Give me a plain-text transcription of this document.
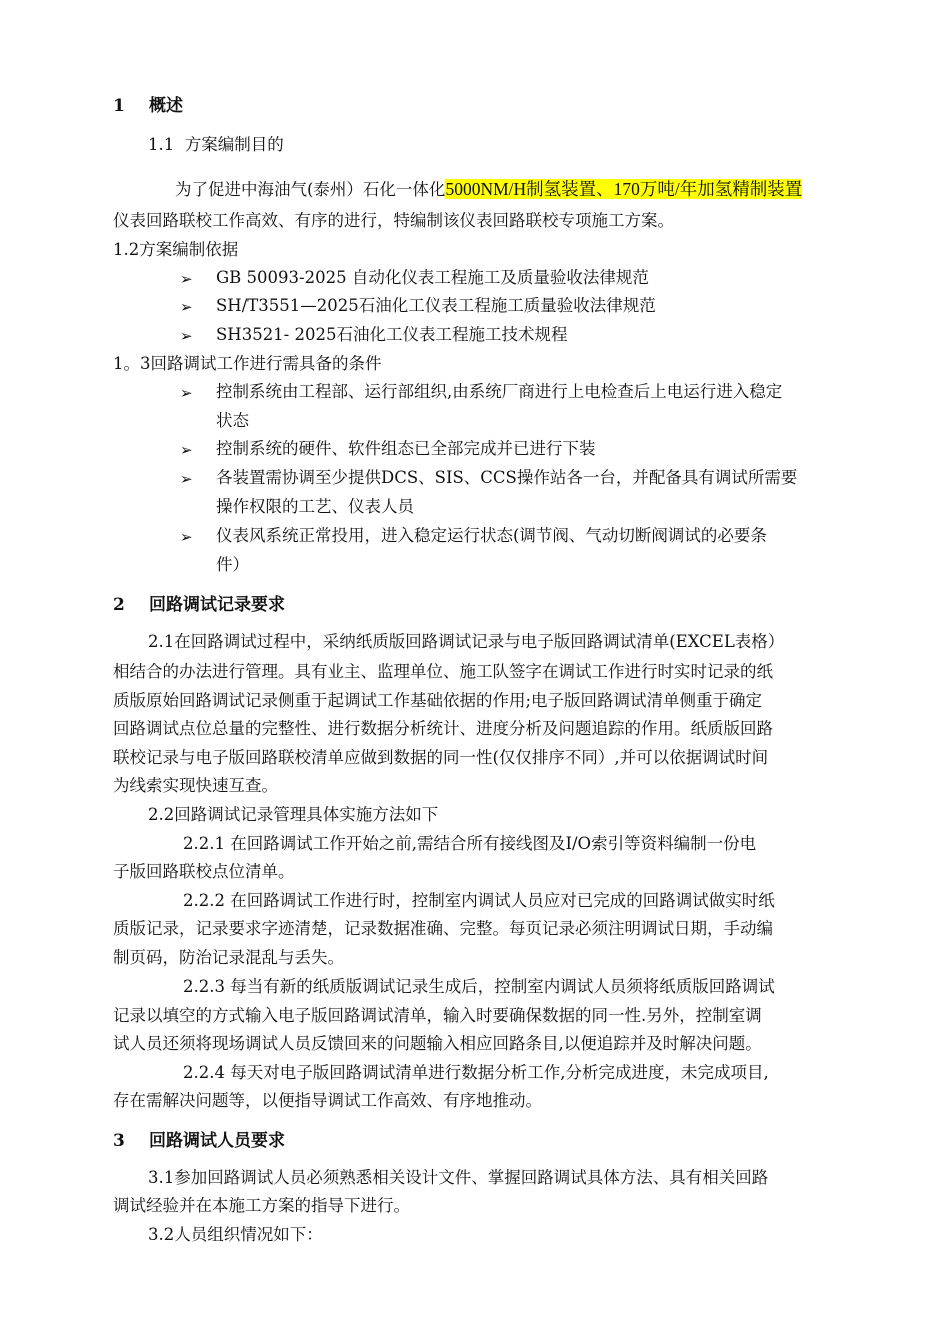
1 概述
1.1 方案编制目的
为了促进中海油气(泰州）石化一体化5000NM/H制氢装置、170万吨/年加氢精制装置
仪表回路联校工作高效、有序的进行，特编制该仪表回路联校专项施工方案。
1.2方案编制依据
➢ GB 50093-2025 自动化仪表工程施工及质量验收法律规范
➢ SH/T3551—2025石油化工仪表工程施工质量验收法律规范
➢ SH3521- 2025石油化工仪表工程施工技术规程
1。3回路调试工作进行需具备的条件
➢ 控制系统由工程部、运行部组织,由系统厂商进行上电检查后上电运行进入稳定
状态
➢ 控制系统的硬件、软件组态已全部完成并已进行下装
➢ 各装置需协调至少提供DCS、SIS、CCS操作站各一台，并配备具有调试所需要
操作权限的工艺、仪表人员
➢ 仪表风系统正常投用，进入稳定运行状态(调节阀、气动切断阀调试的必要条
件）
2 回路调试记录要求
2.1在回路调试过程中，采纳纸质版回路调试记录与电子版回路调试清单(EXCEL表格）
相结合的办法进行管理。具有业主、监理单位、施工队签字在调试工作进行时实时记录的纸
质版原始回路调试记录侧重于起调试工作基础依据的作用;电子版回路调试清单侧重于确定
回路调试点位总量的完整性、进行数据分析统计、进度分析及问题追踪的作用。纸质版回路
联校记录与电子版回路联校清单应做到数据的同一性(仅仅排序不同）,并可以依据调试时间
为线索实现快速互查。
2.2回路调试记录管理具体实施方法如下
2.2.1 在回路调试工作开始之前,需结合所有接线图及I/O索引等资料编制一份电
子版回路联校点位清单。
2.2.2 在回路调试工作进行时，控制室内调试人员应对已完成的回路调试做实时纸
质版记录，记录要求字迹清楚，记录数据准确、完整。每页记录必须注明调试日期，手动编
制页码，防治记录混乱与丢失。
2.2.3 每当有新的纸质版调试记录生成后，控制室内调试人员须将纸质版回路调试
记录以填空的方式输入电子版回路调试清单，输入时要确保数据的同一性.另外，控制室调
试人员还须将现场调试人员反馈回来的问题输入相应回路条目,以便追踪并及时解决问题。
2.2.4 每天对电子版回路调试清单进行数据分析工作,分析完成进度，未完成项目,
存在需解决问题等，以便指导调试工作高效、有序地推动。
3 回路调试人员要求
3.1参加回路调试人员必须熟悉相关设计文件、掌握回路调试具体方法、具有相关回路
调试经验并在本施工方案的指导下进行。
3.2人员组织情况如下：
